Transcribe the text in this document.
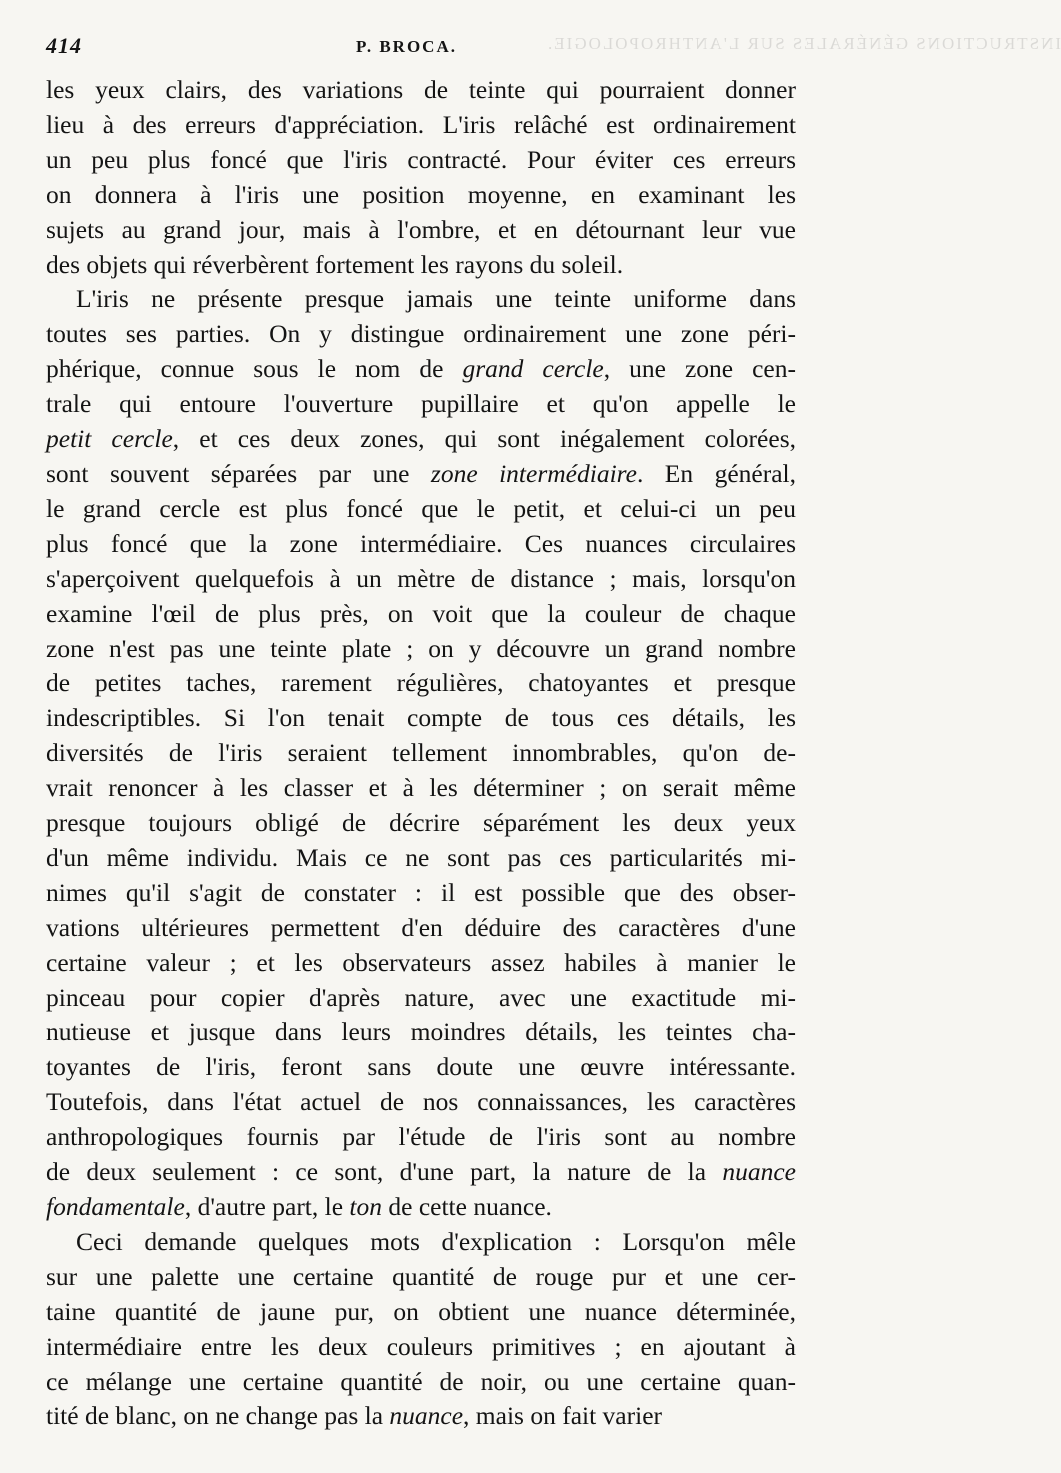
414	P. BROCA.	INSTRUCTIONS GÉNÉRALES SUR L'ANTHROPOLOGIE.
les yeux clairs, des variations de teinte qui pourraient donner
lieu à des erreurs d'appréciation. L'iris relâché est ordinairement
un peu plus foncé que l'iris contracté. Pour éviter ces erreurs
on donnera à l'iris une position moyenne, en examinant les
sujets au grand jour, mais à l'ombre, et en détournant leur vue
des objets qui réverbèrent fortement les rayons du soleil.
L'iris ne présente presque jamais une teinte uniforme dans
toutes ses parties. On y distingue ordinairement une zone péri-
phérique, connue sous le nom de grand cercle, une zone cen-
trale qui entoure l'ouverture pupillaire et qu'on appelle le
petit cercle, et ces deux zones, qui sont inégalement colorées,
sont souvent séparées par une zone intermédiaire. En général,
le grand cercle est plus foncé que le petit, et celui-ci un peu
plus foncé que la zone intermédiaire. Ces nuances circulaires
s'aperçoivent quelquefois à un mètre de distance ; mais, lorsqu'on
examine l'œil de plus près, on voit que la couleur de chaque
zone n'est pas une teinte plate ; on y découvre un grand nombre
de petites taches, rarement régulières, chatoyantes et presque
indescriptibles. Si l'on tenait compte de tous ces détails, les
diversités de l'iris seraient tellement innombrables, qu'on de-
vrait renoncer à les classer et à les déterminer ; on serait même
presque toujours obligé de décrire séparément les deux yeux
d'un même individu. Mais ce ne sont pas ces particularités mi-
nimes qu'il s'agit de constater : il est possible que des obser-
vations ultérieures permettent d'en déduire des caractères d'une
certaine valeur ; et les observateurs assez habiles à manier le
pinceau pour copier d'après nature, avec une exactitude mi-
nutieuse et jusque dans leurs moindres détails, les teintes cha-
toyantes de l'iris, feront sans doute une œuvre intéressante.
Toutefois, dans l'état actuel de nos connaissances, les caractères
anthropologiques fournis par l'étude de l'iris sont au nombre
de deux seulement : ce sont, d'une part, la nature de la nuance
fondamentale, d'autre part, le ton de cette nuance.
Ceci demande quelques mots d'explication : Lorsqu'on mêle
sur une palette une certaine quantité de rouge pur et une cer-
taine quantité de jaune pur, on obtient une nuance déterminée,
intermédiaire entre les deux couleurs primitives ; en ajoutant à
ce mélange une certaine quantité de noir, ou une certaine quan-
tité de blanc, on ne change pas la nuance, mais on fait varier
